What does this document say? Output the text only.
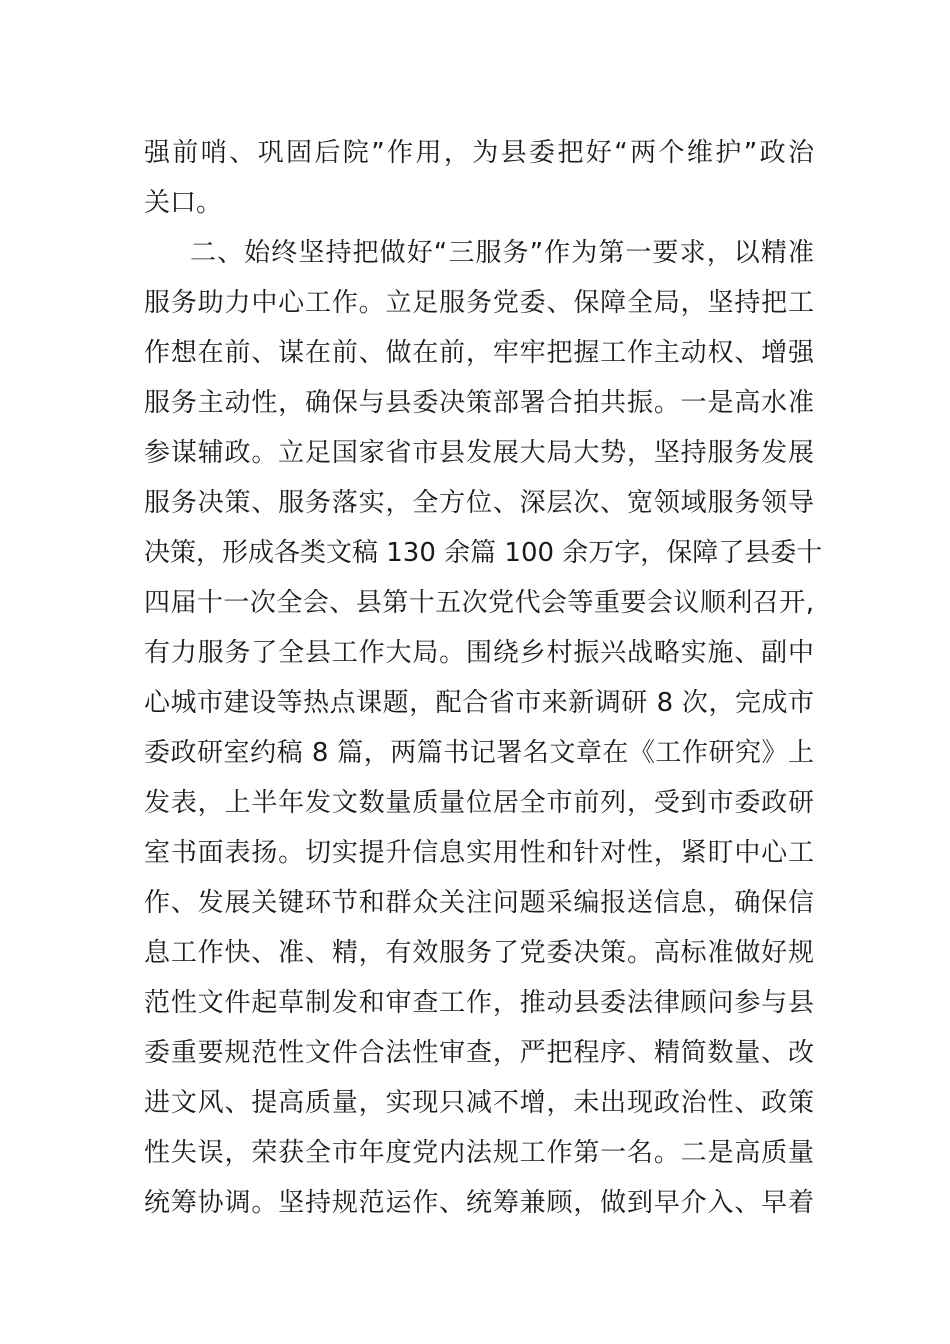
强前哨、巩固后院”作用，为县委把好“两个维护”政治
关口。
二、始终坚持把做好“三服务”作为第一要求，以精准
服务助力中心工作。立足服务党委、保障全局，坚持把工
作想在前、谋在前、做在前，牢牢把握工作主动权、增强
服务主动性，确保与县委决策部署合拍共振。一是高水准
参谋辅政。立足国家省市县发展大局大势，坚持服务发展
服务决策、服务落实，全方位、深层次、宽领域服务领导
决策，形成各类文稿 130 余篇 100 余万字，保障了县委十
四届十一次全会、县第十五次党代会等重要会议顺利召开,
有力服务了全县工作大局。围绕乡村振兴战略实施、副中
心城市建设等热点课题，配合省市来新调研 8 次，完成市
委政研室约稿 8 篇，两篇书记署名文章在《工作研究》上
发表，上半年发文数量质量位居全市前列，受到市委政研
室书面表扬。切实提升信息实用性和针对性，紧盯中心工
作、发展关键环节和群众关注问题采编报送信息，确保信
息工作快、准、精，有效服务了党委决策。高标准做好规
范性文件起草制发和审查工作，推动县委法律顾问参与县
委重要规范性文件合法性审查，严把程序、精简数量、改
进文风、提高质量，实现只减不增，未出现政治性、政策
性失误，荣获全市年度党内法规工作第一名。二是高质量
统筹协调。坚持规范运作、统筹兼顾，做到早介入、早着
